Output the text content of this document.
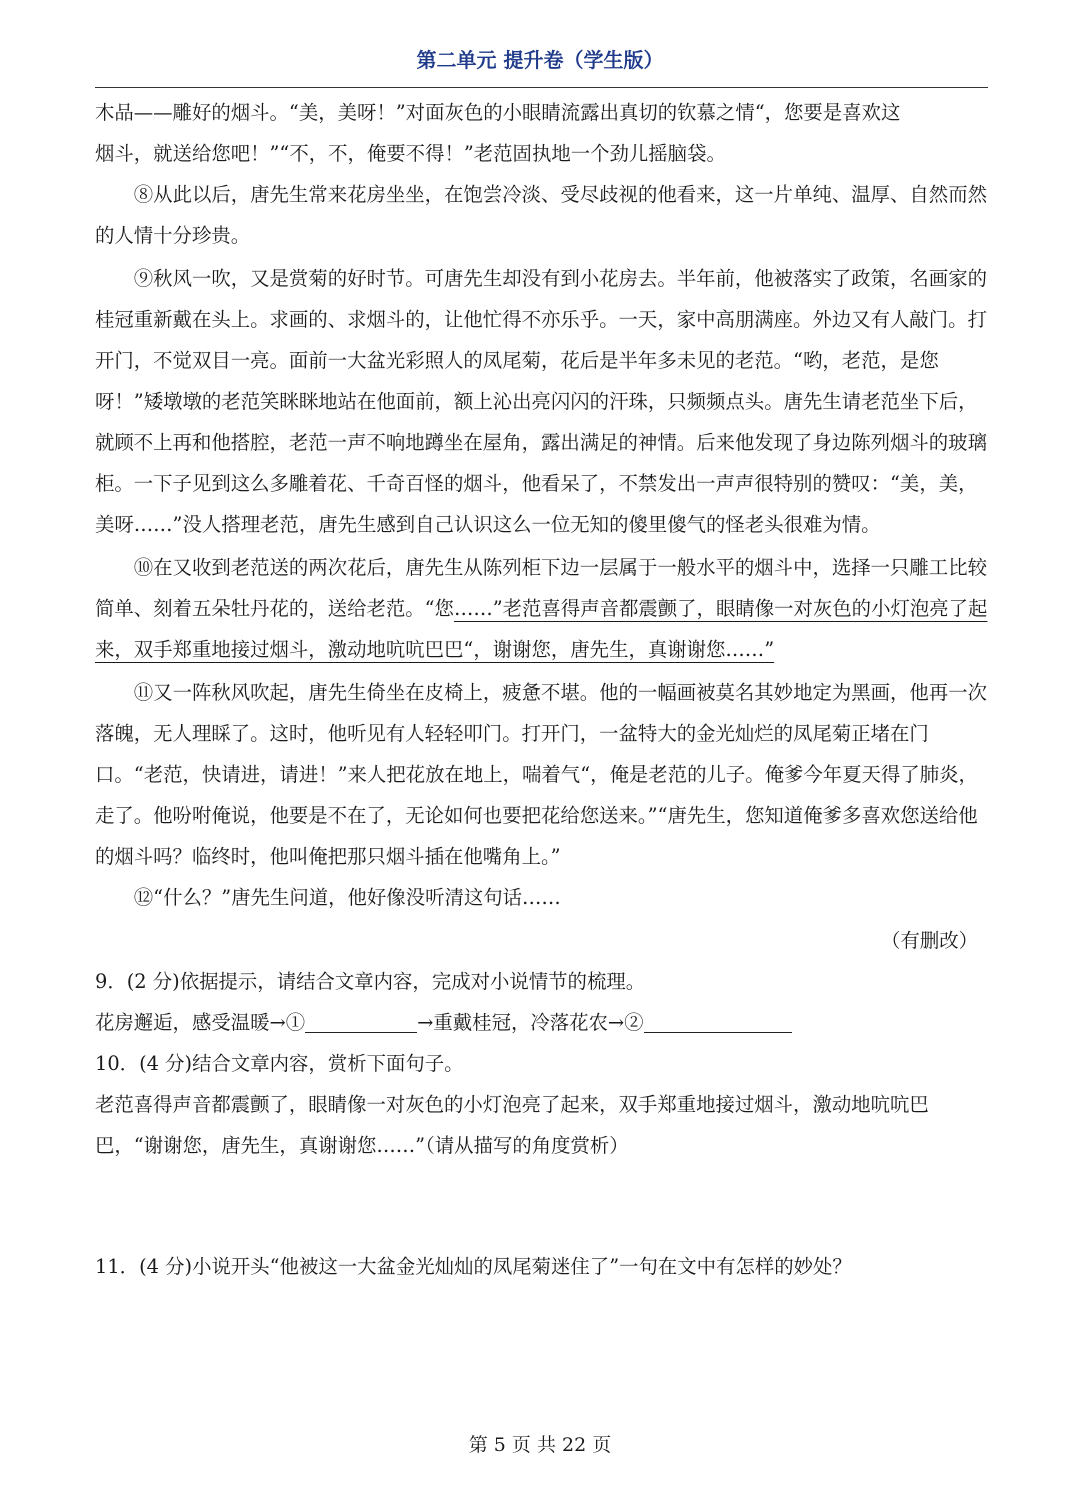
第二单元 提升卷（学生版）

木品——雕好的烟斗。“美，美呀！”对面灰色的小眼睛流露出真切的钦慕之情“，您要是喜欢这

烟斗，就送给您吧！”“不，不，俺要不得！”老范固执地一个劲儿摇脑袋。

⑧从此以后，唐先生常来花房坐坐，在饱尝冷淡、受尽歧视的他看来，这一片单纯、温厚、自然而然的人情十分珍贵。

⑨秋风一吹，又是赏菊的好时节。可唐先生却没有到小花房去。半年前，他被落实了政策，名画家的桂冠重新戴在头上。求画的、求烟斗的，让他忙得不亦乐乎。一天，家中高朋满座。外边又有人敲门。打开门，不觉双目一亮。面前一大盆光彩照人的凤尾菊，花后是半年多未见的老范。“哟，老范，是您呀！”矮墩墩的老范笑眯眯地站在他面前，额上沁出亮闪闪的汗珠，只频频点头。唐先生请老范坐下后，就顾不上再和他搭腔，老范一声不响地蹲坐在屋角，露出满足的神情。后来他发现了身边陈列烟斗的玻璃柜。一下子见到这么多雕着花、千奇百怪的烟斗，他看呆了，不禁发出一声声很特别的赞叹：“美，美，美呀……”没人搭理老范，唐先生感到自己认识这么一位无知的傻里傻气的怪老头很难为情。

⑩在又收到老范送的两次花后，唐先生从陈列柜下边一层属于一般水平的烟斗中，选择一只雕工比较简单、刻着五朵牡丹花的，送给老范。“您……”老范喜得声音都震颤了，眼睛像一对灰色的小灯泡亮了起来，双手郑重地接过烟斗，激动地吭吭巴巴“，谢谢您，唐先生，真谢谢您……”

⑪又一阵秋风吹起，唐先生倚坐在皮椅上，疲惫不堪。他的一幅画被莫名其妙地定为黑画，他再一次落魄，无人理睬了。这时，他听见有人轻轻叩门。打开门，一盆特大的金光灿烂的凤尾菊正堵在门口。“老范，快请进，请进！”来人把花放在地上，喘着气“，俺是老范的儿子。俺爹今年夏天得了肺炎，走了。他吩咐俺说，他要是不在了，无论如何也要把花给您送来。”“唐先生，您知道俺爹多喜欢您送给他的烟斗吗？临终时，他叫俺把那只烟斗插在他嘴角上。”

⑫“什么？”唐先生问道，他好像没听清这句话……

（有删改）

9．(2 分)依据提示，请结合文章内容，完成对小说情节的梳理。

花房邂逅，感受温暖→①	→重戴桂冠，冷落花农→②

10．(4 分)结合文章内容，赏析下面句子。

老范喜得声音都震颤了，眼睛像一对灰色的小灯泡亮了起来，双手郑重地接过烟斗，激动地吭吭巴巴，“谢谢您，唐先生，真谢谢您……”（请从描写的角度赏析）

11．(4 分)小说开头“他被这一大盆金光灿灿的凤尾菊迷住了”一句在文中有怎样的妙处？

第 5 页 共 22 页
